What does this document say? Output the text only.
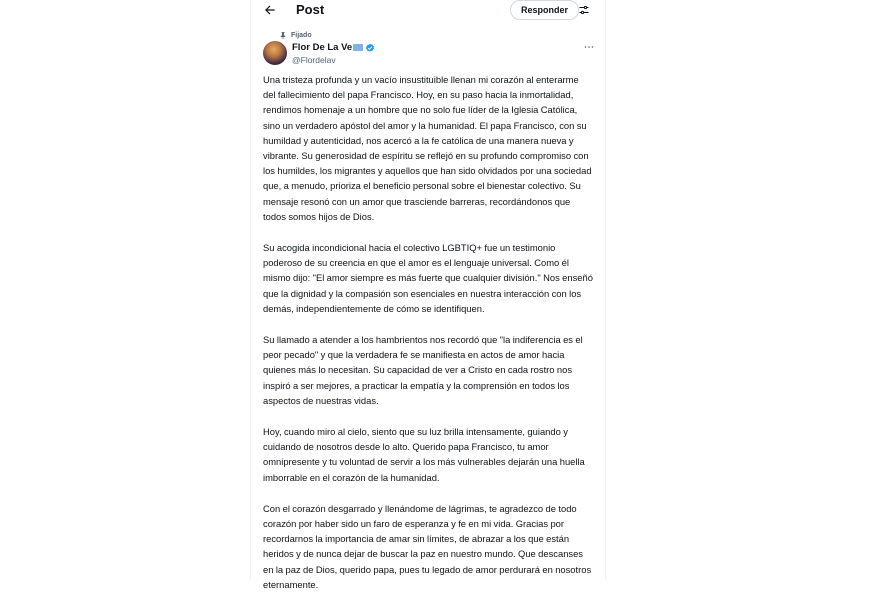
Post	Responder
Fijado
Flor De La Ve
@Flordelav

Una tristeza profunda y un vacío insustituible llenan mi corazón al enterarme del fallecimiento del papa Francisco. Hoy, en su paso hacia la inmortalidad, rendimos homenaje a un hombre que no solo fue líder de la Iglesia Católica, sino un verdadero apóstol del amor y la humanidad. El papa Francisco, con su humildad y autenticidad, nos acercó a la fe católica de una manera nueva y vibrante. Su generosidad de espíritu se reflejó en su profundo compromiso con los humildes, los migrantes y aquellos que han sido olvidados por una sociedad que, a menudo, prioriza el beneficio personal sobre el bienestar colectivo. Su mensaje resonó con un amor que trasciende barreras, recordándonos que todos somos hijos de Dios.

Su acogida incondicional hacia el colectivo LGBTIQ+ fue un testimonio poderoso de su creencia en que el amor es el lenguaje universal. Como él mismo dijo: "El amor siempre es más fuerte que cualquier división." Nos enseñó que la dignidad y la compasión son esenciales en nuestra interacción con los demás, independientemente de cómo se identifiquen.

Su llamado a atender a los hambrientos nos recordó que "la indiferencia es el peor pecado" y que la verdadera fe se manifiesta en actos de amor hacia quienes más lo necesitan. Su capacidad de ver a Cristo en cada rostro nos inspiró a ser mejores, a practicar la empatía y la comprensión en todos los aspectos de nuestras vidas.

Hoy, cuando miro al cielo, siento que su luz brilla intensamente, guiando y cuidando de nosotros desde lo alto. Querido papa Francisco, tu amor omnipresente y tu voluntad de servir a los más vulnerables dejarán una huella imborrable en el corazón de la humanidad.

Con el corazón desgarrado y llenándome de lágrimas, te agradezco de todo corazón por haber sido un faro de esperanza y fe en mi vida. Gracias por recordarnos la importancia de amar sin límites, de abrazar a los que están heridos y de nunca dejar de buscar la paz en nuestro mundo. Que descanses en la paz de Dios, querido papa, pues tu legado de amor perdurará en nosotros eternamente.
